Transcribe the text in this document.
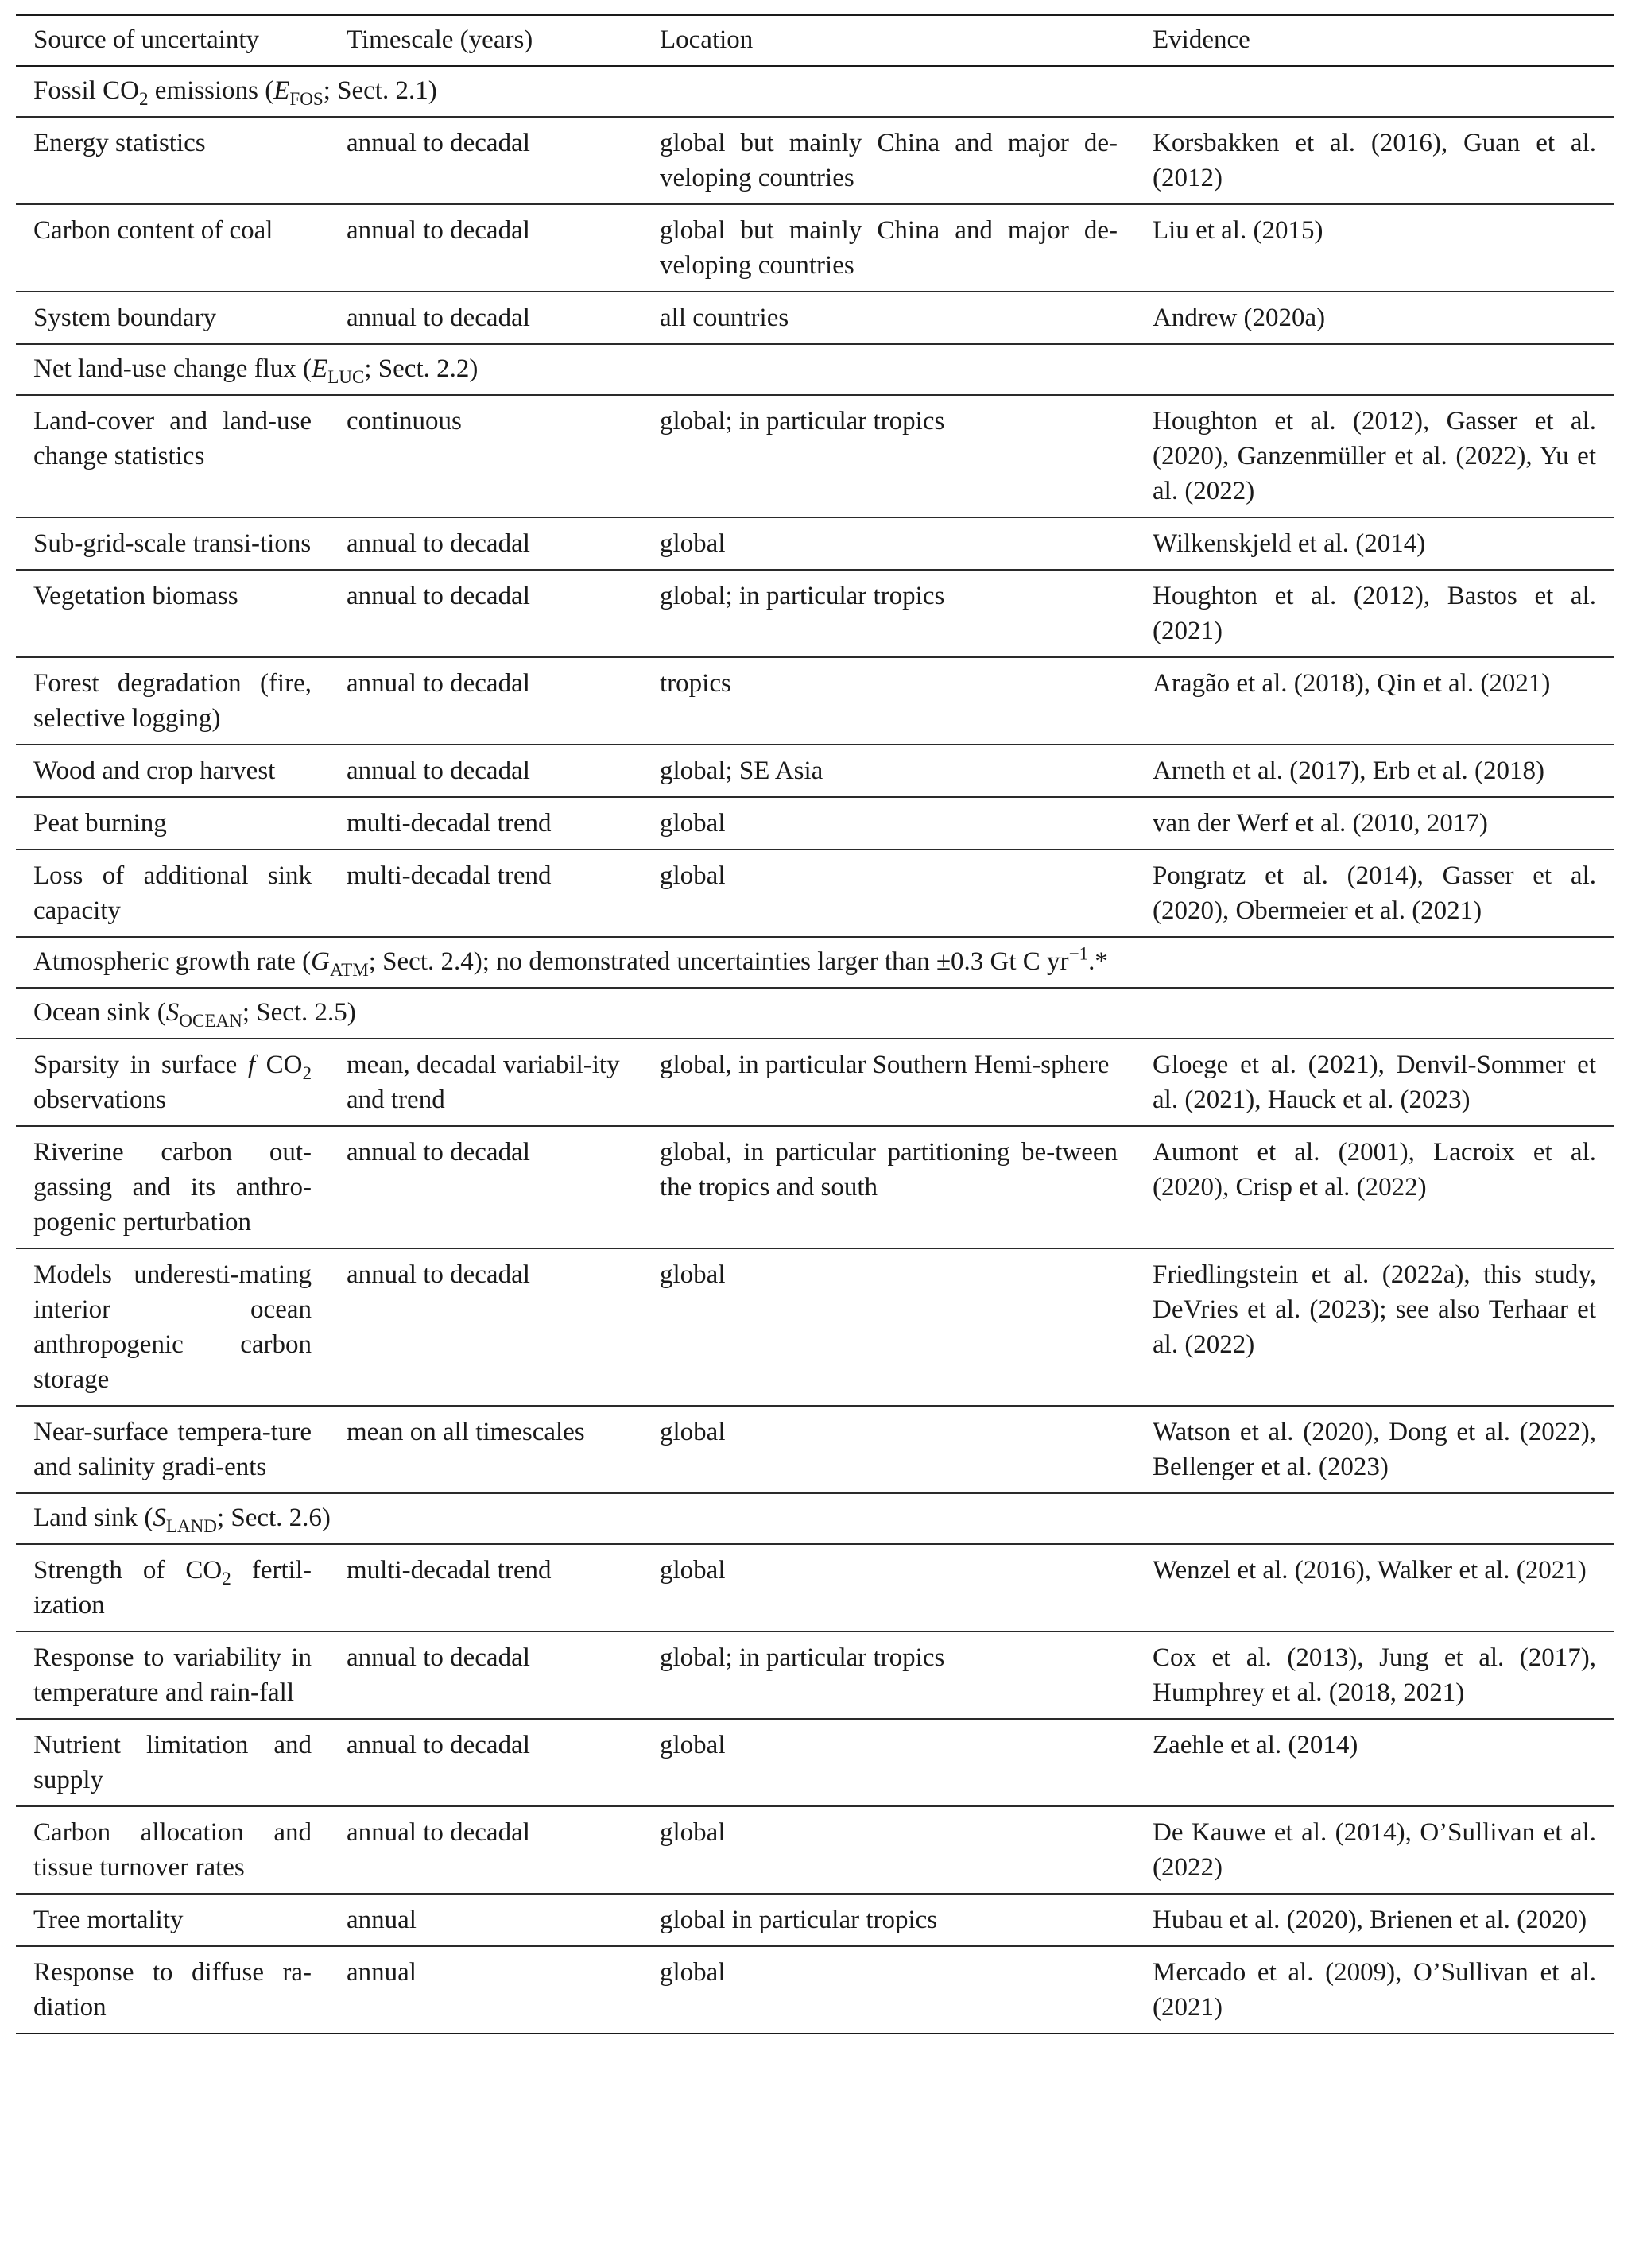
Source of uncertainty	Timescale (years)	Location	Evidence
Fossil $CO_2$ emissions ($E_{FOS}$; Sect. 2.1)			
Energy statistics	annual to decadal	global but mainly China and major de-veloping countries	Korsbakken et al. (2016), Guan et al. (2012)
Carbon content of coal	annual to decadal	global but mainly China and major de-veloping countries	Liu et al. (2015)
System boundary	annual to decadal	all countries	Andrew (2020a)
Net land-use change flux ($E_{LUC}$; Sect. 2.2)			
Land-cover and land-use change statistics	continuous	global; in particular tropics	Houghton et al. (2012), Gasser et al. (2020), Ganzenmüller et al. (2022), Yu et al. (2022)
Sub-grid-scale transi-tions	annual to decadal	global	Wilkenskjeld et al. (2014)
Vegetation biomass	annual to decadal	global; in particular tropics	Houghton et al. (2012), Bastos et al. (2021)
Forest degradation (fire, selective logging)	annual to decadal	tropics	Aragão et al. (2018), Qin et al. (2021)
Wood and crop harvest	annual to decadal	global; SE Asia	Arneth et al. (2017), Erb et al. (2018)
Peat burning	multi-decadal trend	global	van der Werf et al. (2010, 2017)
Loss of additional sink capacity	multi-decadal trend	global	Pongratz et al. (2014), Gasser et al. (2020), Obermeier et al. (2021)
Atmospheric growth rate ($G_{ATM}$; Sect. 2.4); no demonstrated uncertainties larger than ±0.3 Gt C $yr^{-1}.*$			
Ocean sink ($S_{OCEAN}$; Sect. 2.5)			
Sparsity in surface f $CO_2$ observations	mean, decadal variabil-ity and trend	global, in particular Southern Hemi-sphere	Gloege et al. (2021), Denvil-Sommer et al. (2021), Hauck et al. (2023)
Riverine carbon out-gassing and its anthro-pogenic perturbation	annual to decadal	global, in particular partitioning be-tween the tropics and south	Aumont et al. (2001), Lacroix et al. (2020), Crisp et al. (2022)
Models underesti-mating interior ocean anthropogenic carbon storage	annual to decadal	global	Friedlingstein et al. (2022a), this study, DeVries et al. (2023); see also Terhaar et al. (2022)
Near-surface tempera-ture and salinity gradi-ents	mean on all timescales	global	Watson et al. (2020), Dong et al. (2022), Bellenger et al. (2023)
Land sink ($S_{LAND}$; Sect. 2.6)			
Strength of $CO_2$ fertil-ization	multi-decadal trend	global	Wenzel et al. (2016), Walker et al. (2021)
Response to variability in temperature and rain-fall	annual to decadal	global; in particular tropics	Cox et al. (2013), Jung et al. (2017), Humphrey et al. (2018, 2021)
Nutrient limitation and supply	annual to decadal	global	Zaehle et al. (2014)
Carbon allocation and tissue turnover rates	annual to decadal	global	De Kauwe et al. (2014), O’Sullivan et al. (2022)
Tree mortality	annual	global in particular tropics	Hubau et al. (2020), Brienen et al. (2020)
Response to diffuse ra-diation	annual	global	Mercado et al. (2009), O’Sullivan et al. (2021)
